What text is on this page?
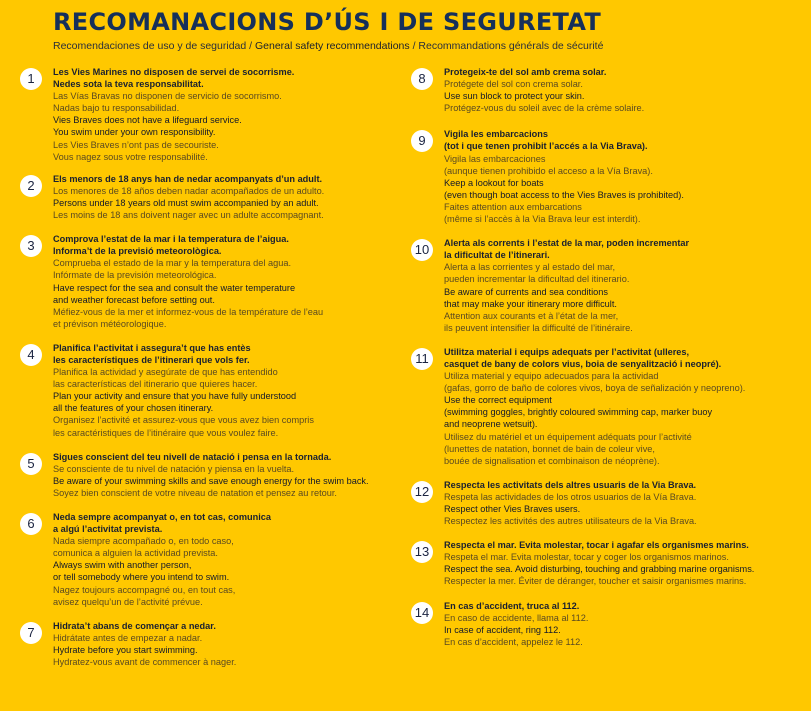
RECOMANACIONS D’ÚS I DE SEGURETAT
Recomendaciones de uso y de seguridad / General safety recommendations / Recommandations générals de sécurité
1	Les Vies Marines no disposen de servei de socorrisme.
Nedes sota la teva responsabilitat.
Las Vías Bravas no disponen de servicio de socorrismo.
Nadas bajo tu responsabilidad.
Vies Braves does not have a lifeguard service.
You swim under your own responsibility.
Les Vies Braves n’ont pas de secouriste.
Vous nagez sous votre responsabilité.
2	Els menors de 18 anys han de nedar acompanyats d’un adult.
Los menores de 18 años deben nadar acompañados de un adulto.
Persons under 18 years old must swim accompanied by an adult.
Les moins de 18 ans doivent nager avec un adulte accompagnant.
3	Comprova l’estat de la mar i la temperatura de l’aigua.
Informa’t de la previsió meteorològica.
Comprueba el estado de la mar y la temperatura del agua.
Infórmate de la previsión meteorológica.
Have respect for the sea and consult the water temperature
and weather forecast before setting out.
Méfiez-vous de la mer et informez-vous de la température de l’eau
et prévison météorologique.
4	Planifica l’activitat i assegura’t que has entès
les característiques de l’itinerari que vols fer.
Planifica la actividad y asegúrate de que has entendido
las características del itinerario que quieres hacer.
Plan your activity and ensure that you have fully understood
all the features of your chosen itinerary.
Organisez l’activité et assurez-vous que vous avez bien compris
les caractéristiques de l’itinéraire que vous voulez faire.
5	Sigues conscient del teu nivell de natació i pensa en la tornada.
Se consciente de tu nivel de natación y piensa en la vuelta.
Be aware of your swimming skills and save enough energy for the swim back.
Soyez bien conscient de votre niveau de natation et pensez au retour.
6	Neda sempre acompanyat o, en tot cas, comunica
a algú l’activitat prevista.
Nada siempre acompañado o, en todo caso,
comunica a alguien la actividad prevista.
Always swim with another person,
or tell somebody where you intend to swim.
Nagez toujours accompagné ou, en tout cas,
avisez quelqu’un de l’activité prévue.
7	Hidrata’t abans de començar a nedar.
Hidrátate antes de empezar a nadar.
Hydrate before you start swimming.
Hydratez-vous avant de commencer à nager.
8	Protegeix-te del sol amb crema solar.
Protégete del sol con crema solar.
Use sun block to protect your skin.
Protégez-vous du soleil avec de la crème solaire.
9	Vigila les embarcacions
(tot i que tenen prohibit l’accés a la Via Brava).
Vigila las embarcaciones
(aunque tienen prohibido el acceso a la Vía Brava).
Keep a lookout for boats
(even though boat access to the Vies Braves is prohibited).
Faites attention aux embarcations
(même si l’accès à la Via Brava leur est interdit).
10	Alerta als corrents i l’estat de la mar, poden incrementar
la dificultat de l’itinerari.
Alerta a las corrientes y al estado del mar,
pueden incrementar la dificultad del itinerario.
Be aware of currents and sea conditions
that may make your itinerary more difficult.
Attention aux courants et à l’état de la mer,
ils peuvent intensifier la difficulté de l’itinéraire.
11	Utilitza material i equips adequats per l’activitat (ulleres,
casquet de bany de colors vius, boia de senyalització i neopré).
Utiliza material y equipo adecuados para la actividad
(gafas, gorro de baño de colores vivos, boya de señalización y neopreno).
Use the correct equipment
(swimming goggles, brightly coloured swimming cap, marker buoy
and neoprene wetsuit).
Utilisez du matériel et un équipement adéquats pour l’activité
(lunettes de natation, bonnet de bain de coleur vive,
bouée de signalisation et combinaison de néoprène).
12	Respecta les activitats dels altres usuaris de la Via Brava.
Respeta las actividades de los otros usuarios de la Vía Brava.
Respect other Vies Braves users.
Respectez les activités des autres utilisateurs de la Via Brava.
13	Respecta el mar. Evita molestar, tocar i agafar els organismes marins.
Respeta el mar. Evita molestar, tocar y coger los organismos marinos.
Respect the sea. Avoid disturbing, touching and grabbing marine organisms.
Respecter la mer. Éviter de déranger, toucher et saisir organismes marins.
14	En cas d’accident, truca al 112.
En caso de accidente, llama al 112.
In case of accident, ring 112.
En cas d’accident, appelez le 112.
